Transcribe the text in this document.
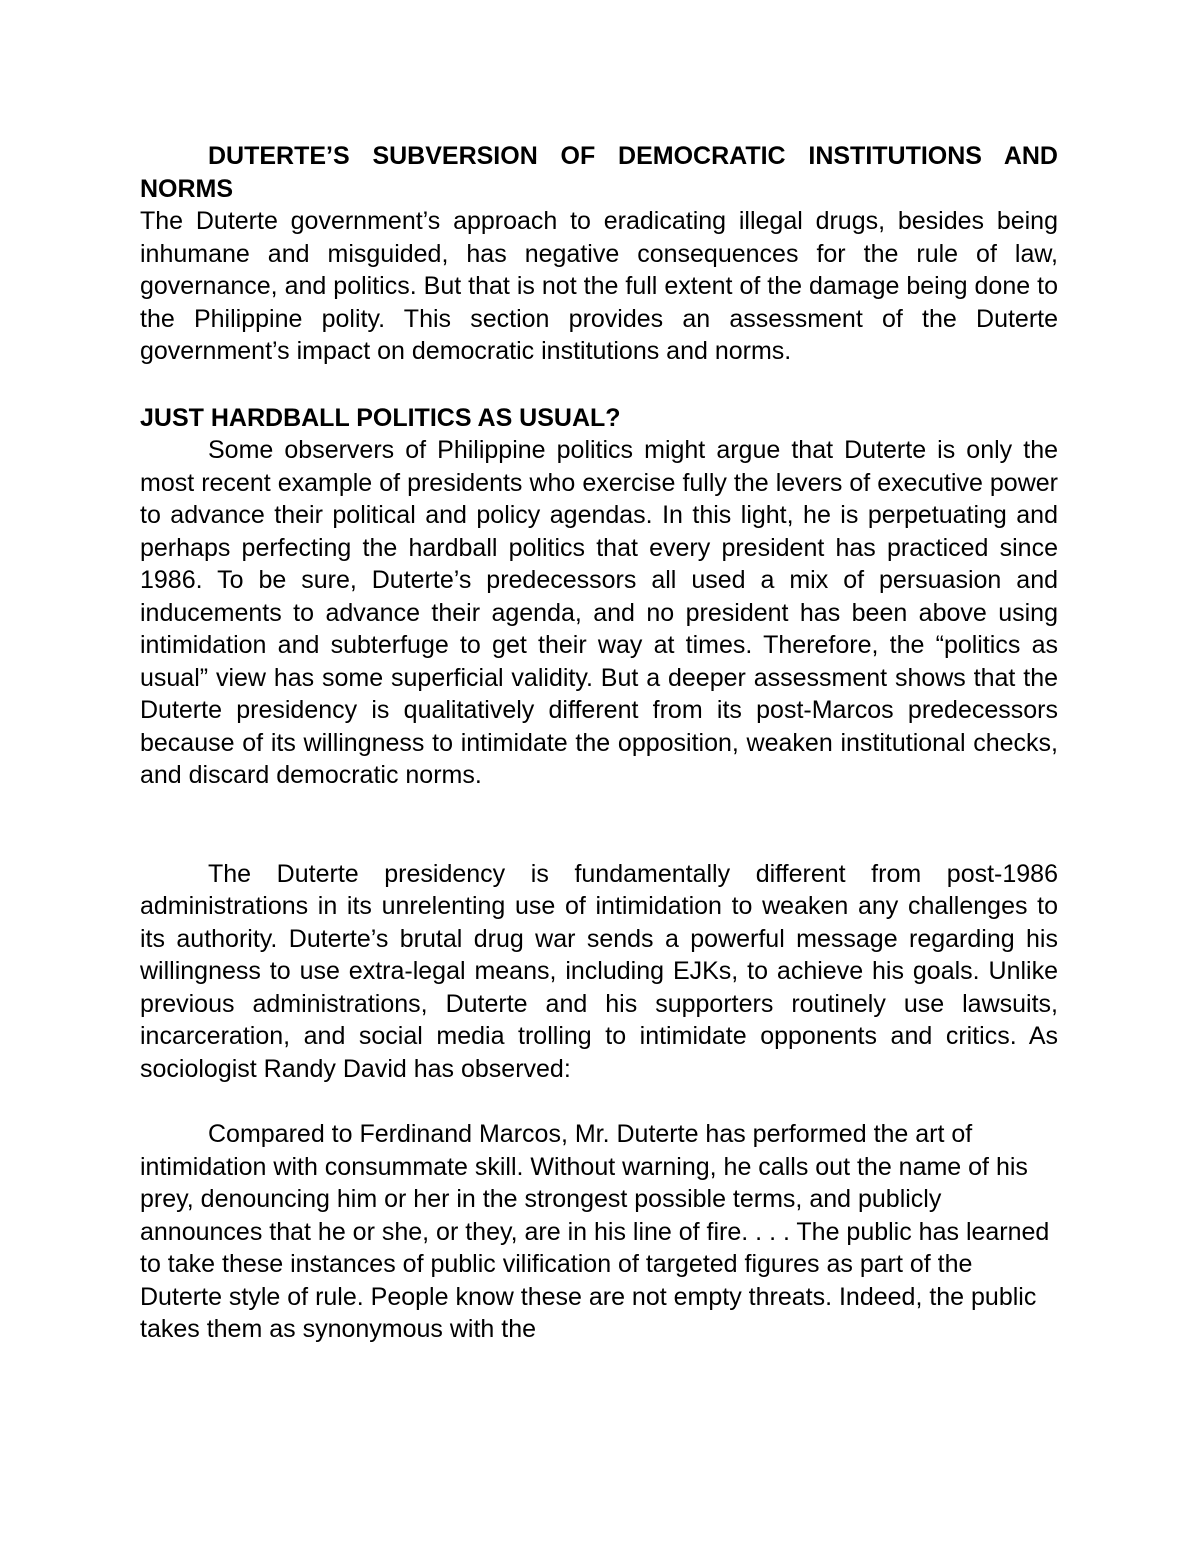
DUTERTE’S SUBVERSION OF DEMOCRATIC INSTITUTIONS AND NORMS

The Duterte government’s approach to eradicating illegal drugs, besides being inhumane and misguided, has negative consequences for the rule of law, governance, and politics. But that is not the full extent of the damage being done to the Philippine polity. This section provides an assessment of the Duterte government’s impact on democratic institutions and norms.

JUST HARDBALL POLITICS AS USUAL?

Some observers of Philippine politics might argue that Duterte is only the most recent example of presidents who exercise fully the levers of executive power to advance their political and policy agendas. In this light, he is perpetuating and perhaps perfecting the hardball politics that every president has practiced since 1986. To be sure, Duterte’s predecessors all used a mix of persuasion and inducements to advance their agenda, and no president has been above using intimidation and subterfuge to get their way at times. Therefore, the “politics as usual” view has some superficial validity. But a deeper assessment shows that the Duterte presidency is qualitatively different from its post-Marcos predecessors because of its willingness to intimidate the opposition, weaken institutional checks, and discard democratic norms.

The Duterte presidency is fundamentally different from post-1986 administrations in its unrelenting use of intimidation to weaken any challenges to its authority. Duterte’s brutal drug war sends a powerful message regarding his willingness to use extra-legal means, including EJKs, to achieve his goals. Unlike previous administrations, Duterte and his supporters routinely use lawsuits, incarceration, and social media trolling to intimidate opponents and critics. As sociologist Randy David has observed:

Compared to Ferdinand Marcos, Mr. Duterte has performed the art of intimidation with consummate skill. Without warning, he calls out the name of his prey, denouncing him or her in the strongest possible terms, and publicly announces that he or she, or they, are in his line of fire. . . . The public has learned to take these instances of public vilification of targeted figures as part of the Duterte style of rule. People know these are not empty threats. Indeed, the public takes them as synonymous with the
